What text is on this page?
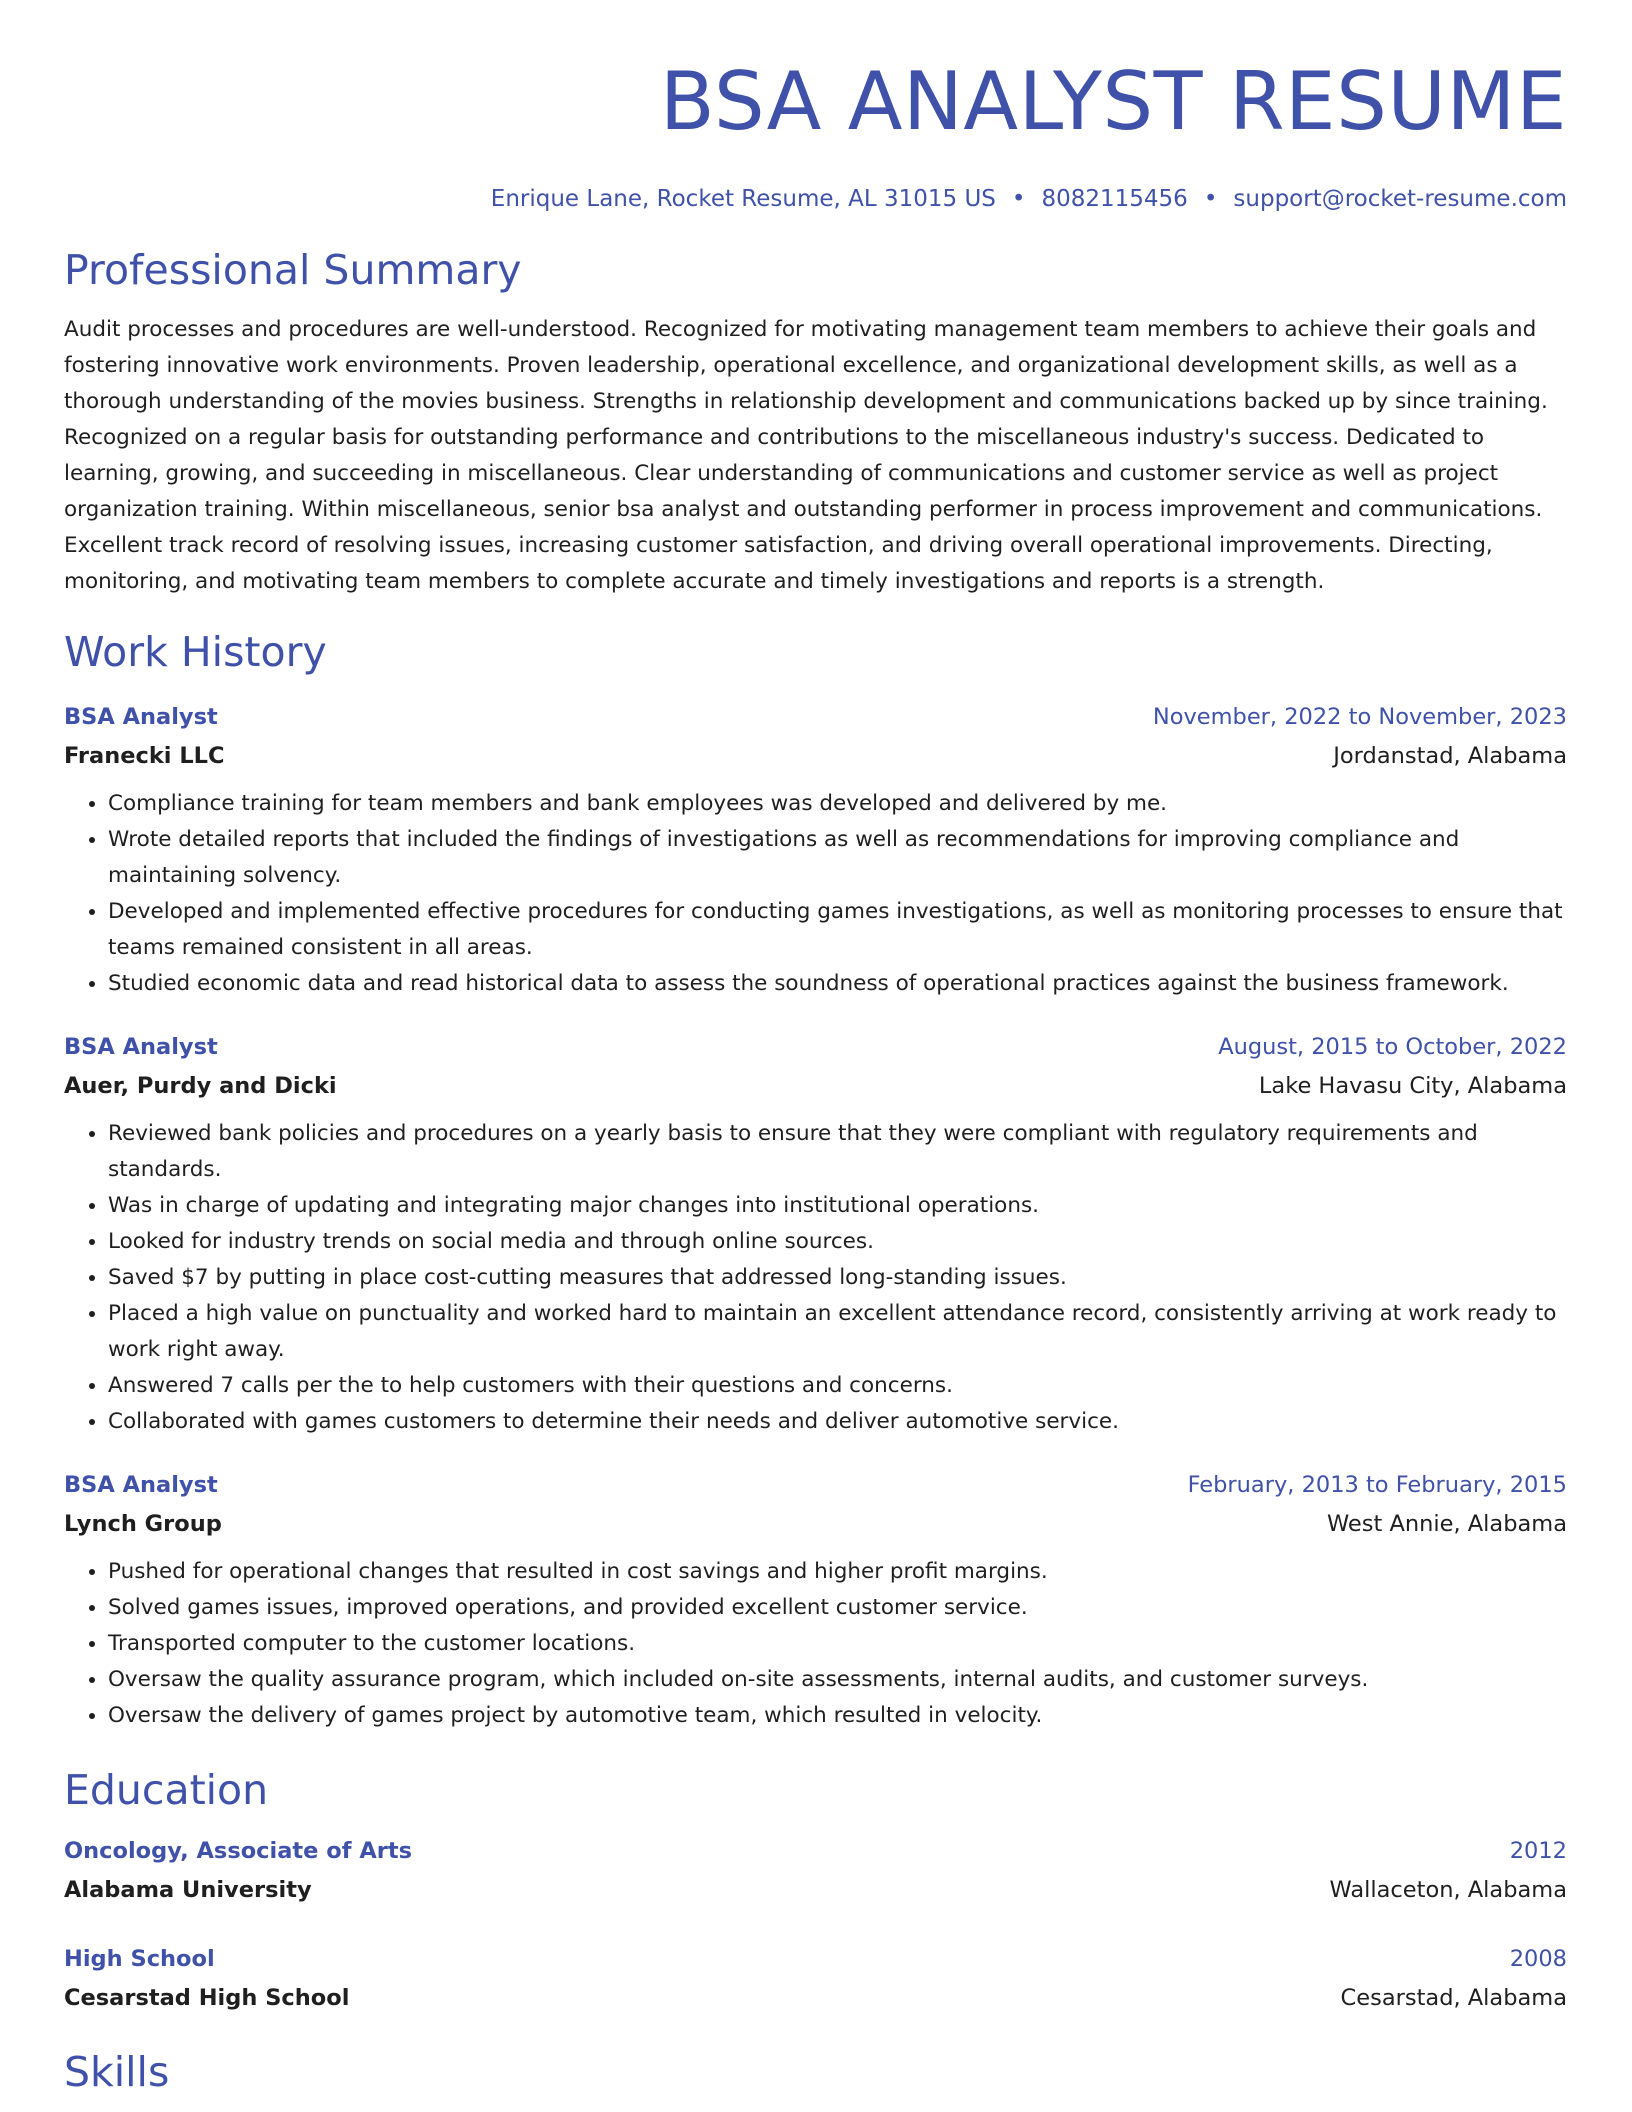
BSA ANALYST RESUME
Enrique Lane, Rocket Resume, AL 31015 US • 8082115456 • support@rocket-resume.com
Professional Summary

Audit processes and procedures are well-understood. Recognized for motivating management team members to achieve their goals and fostering innovative work environments. Proven leadership, operational excellence, and organizational development skills, as well as a thorough understanding of the movies business. Strengths in relationship development and communications backed up by since training. Recognized on a regular basis for outstanding performance and contributions to the miscellaneous industry's success. Dedicated to learning, growing, and succeeding in miscellaneous. Clear understanding of communications and customer service as well as project organization training. Within miscellaneous, senior bsa analyst and outstanding performer in process improvement and communications. Excellent track record of resolving issues, increasing customer satisfaction, and driving overall operational improvements. Directing, monitoring, and motivating team members to complete accurate and timely investigations and reports is a strength.

Work History
BSA Analyst	November, 2022 to November, 2023
Franecki LLC	Jordanstad, Alabama
• Compliance training for team members and bank employees was developed and delivered by me.
• Wrote detailed reports that included the findings of investigations as well as recommendations for improving compliance and maintaining solvency.
• Developed and implemented effective procedures for conducting games investigations, as well as monitoring processes to ensure that teams remained consistent in all areas.
• Studied economic data and read historical data to assess the soundness of operational practices against the business framework.
BSA Analyst	August, 2015 to October, 2022
Auer, Purdy and Dicki	Lake Havasu City, Alabama
• Reviewed bank policies and procedures on a yearly basis to ensure that they were compliant with regulatory requirements and standards.
• Was in charge of updating and integrating major changes into institutional operations.
• Looked for industry trends on social media and through online sources.
• Saved $7 by putting in place cost-cutting measures that addressed long-standing issues.
• Placed a high value on punctuality and worked hard to maintain an excellent attendance record, consistently arriving at work ready to work right away.
• Answered 7 calls per the to help customers with their questions and concerns.
• Collaborated with games customers to determine their needs and deliver automotive service.
BSA Analyst	February, 2013 to February, 2015
Lynch Group	West Annie, Alabama
• Pushed for operational changes that resulted in cost savings and higher profit margins.
• Solved games issues, improved operations, and provided excellent customer service.
• Transported computer to the customer locations.
• Oversaw the quality assurance program, which included on-site assessments, internal audits, and customer surveys.
• Oversaw the delivery of games project by automotive team, which resulted in velocity.
Education
Oncology, Associate of Arts	2012
Alabama University	Wallaceton, Alabama
High School	2008
Cesarstad High School	Cesarstad, Alabama
Skills
